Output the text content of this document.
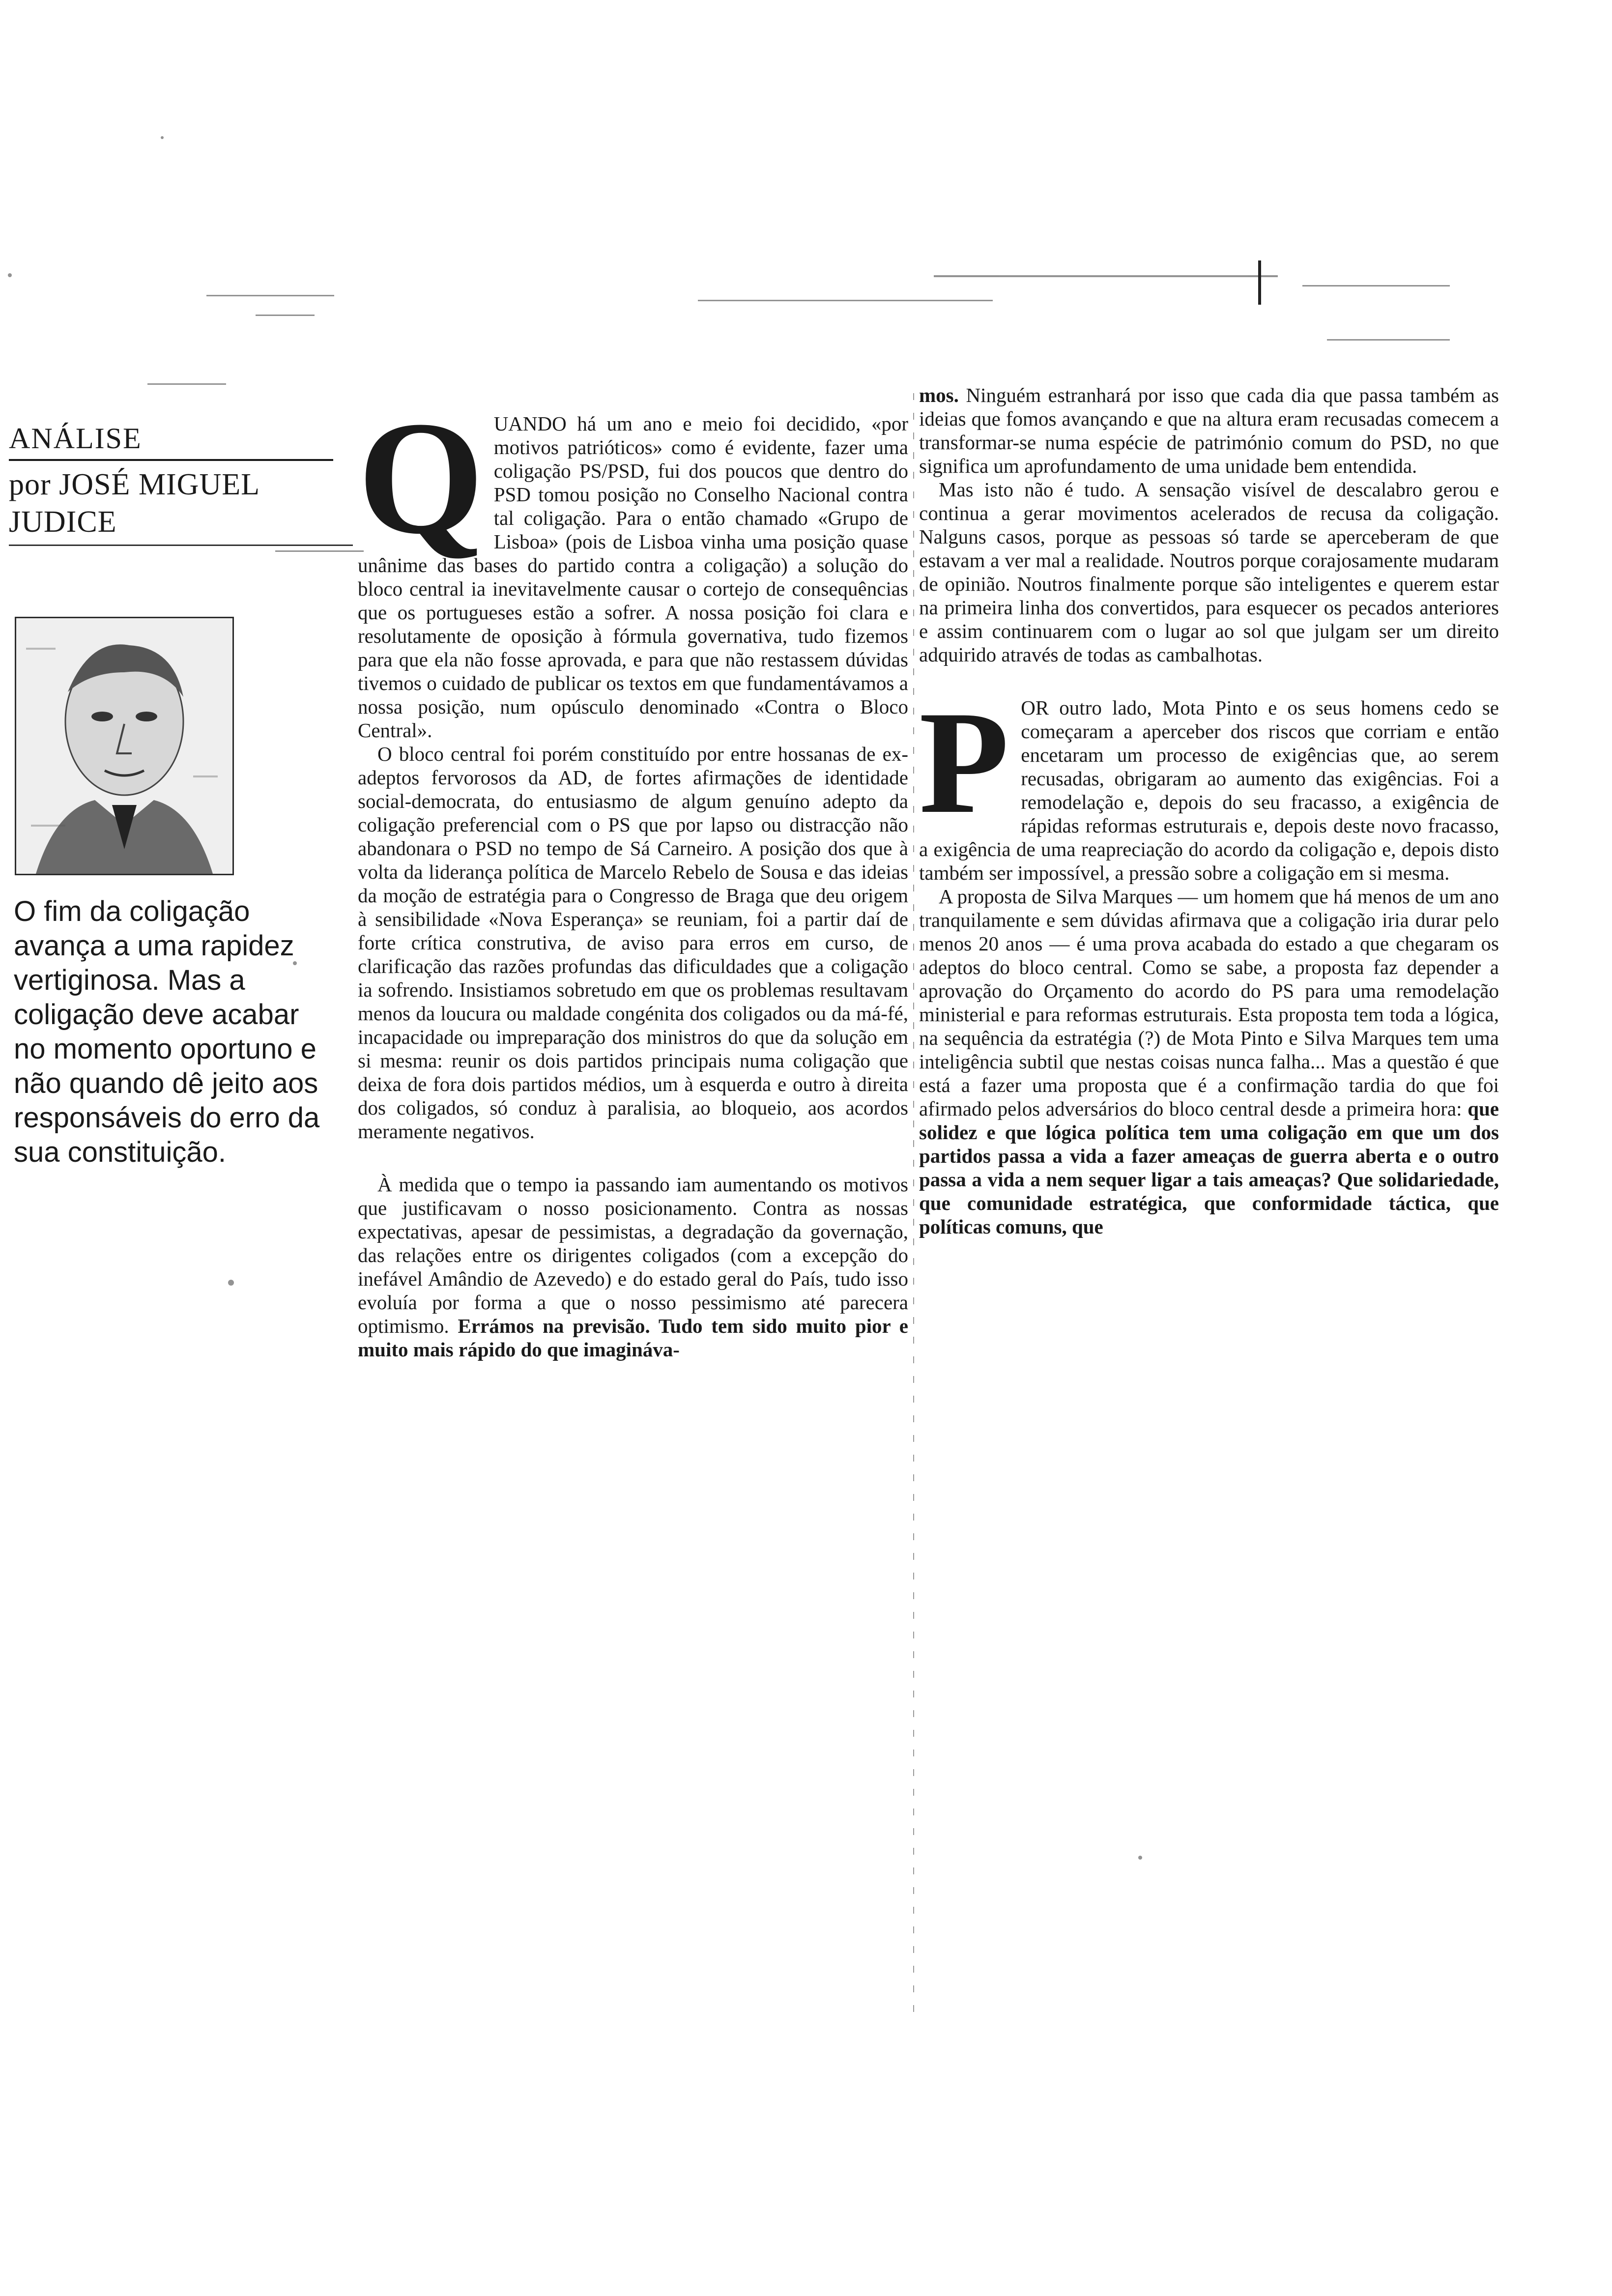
ANÁLISE
por JOSÉ MIGUEL JUDICE

O fim da coligação avança a uma rapidez vertiginosa. Mas a coligação deve acabar no momento oportuno e não quando dê jeito aos responsáveis do erro da sua constituição.

Q UANDO há um ano e meio foi decidido, «por motivos patrióticos» como é evidente, fazer uma coligação PS/PSD, fui dos poucos que dentro do PSD tomou posição no Conselho Nacional contra tal coligação. Para o então chamado «Grupo de Lisboa» (pois de Lisboa vinha uma posição quase unânime das bases do partido contra a coligação) a solução do bloco central ia inevitavelmente causar o cortejo de consequências que os portugueses estão a sofrer. A nossa posição foi clara e resolutamente de oposição à fórmula governativa, tudo fizemos para que ela não fosse aprovada, e para que não restassem dúvidas tivemos o cuidado de publicar os textos em que fundamentávamos a nossa posição, num opúsculo denominado «Contra o Bloco Central».

O bloco central foi porém constituído por entre hossanas de ex-adeptos fervorosos da AD, de fortes afirmações de identidade social-democrata, do entusiasmo de algum genuíno adepto da coligação preferencial com o PS que por lapso ou distracção não abandonara o PSD no tempo de Sá Carneiro. A posição dos que à volta da liderança política de Marcelo Rebelo de Sousa e das ideias da moção de estratégia para o Congresso de Braga que deu origem à sensibilidade «Nova Esperança» se reuniam, foi a partir daí de forte crítica construtiva, de aviso para erros em curso, de clarificação das razões profundas das dificuldades que a coligação ia sofrendo. Insistiamos sobretudo em que os problemas resultavam menos da loucura ou maldade congénita dos coligados ou da má-fé, incapacidade ou impreparação dos ministros do que da solução em si mesma: reunir os dois partidos principais numa coligação que deixa de fora dois partidos médios, um à esquerda e outro à direita dos coligados, só conduz à paralisia, ao bloqueio, aos acordos meramente negativos.

À medida que o tempo ia passando iam aumentando os motivos que justificavam o nosso posicionamento. Contra as nossas expectativas, apesar de pessimistas, a degradação da governação, das relações entre os dirigentes coligados (com a excepção do inefável Amândio de Azevedo) e do estado geral do País, tudo isso evoluía por forma a que o nosso pessimismo até parecera optimismo. Errámos na previsão. Tudo tem sido muito pior e muito mais rápido do que imagináva-

mos. Ninguém estranhará por isso que cada dia que passa também as ideias que fomos avançando e que na altura eram recusadas comecem a transformar-se numa espécie de património comum do PSD, no que significa um aprofundamento de uma unidade bem entendida.

Mas isto não é tudo. A sensação visível de descalabro gerou e continua a gerar movimentos acelerados de recusa da coligação. Nalguns casos, porque as pessoas só tarde se aperceberam de que estavam a ver mal a realidade. Noutros porque corajosamente mudaram de opinião. Noutros finalmente porque são inteligentes e querem estar na primeira linha dos convertidos, para esquecer os pecados anteriores e assim continuarem com o lugar ao sol que julgam ser um direito adquirido através de todas as cambalhotas.

P OR outro lado, Mota Pinto e os seus homens cedo se começaram a aperceber dos riscos que corriam e então encetaram um processo de exigências que, ao serem recusadas, obrigaram ao aumento das exigências. Foi a remodelação e, depois do seu fracasso, a exigência de rápidas reformas estruturais e, depois deste novo fracasso, a exigência de uma reapreciação do acordo da coligação e, depois disto também ser impossível, a pressão sobre a coligação em si mesma.

A proposta de Silva Marques — um homem que há menos de um ano tranquilamente e sem dúvidas afirmava que a coligação iria durar pelo menos 20 anos — é uma prova acabada do estado a que chegaram os adeptos do bloco central. Como se sabe, a proposta faz depender a aprovação do Orçamento do acordo do PS para uma remodelação ministerial e para reformas estruturais. Esta proposta tem toda a lógica, na sequência da estratégia (?) de Mota Pinto e Silva Marques tem uma inteligência subtil que nestas coisas nunca falha... Mas a questão é que está a fazer uma proposta que é a confirmação tardia do que foi afirmado pelos adversários do bloco central desde a primeira hora: que solidez e que lógica política tem uma coligação em que um dos partidos passa a vida a fazer ameaças de guerra aberta e o outro passa a vida a nem sequer ligar a tais ameaças? Que solidariedade, que comunidade estratégica, que conformidade táctica, que políticas comuns, que
